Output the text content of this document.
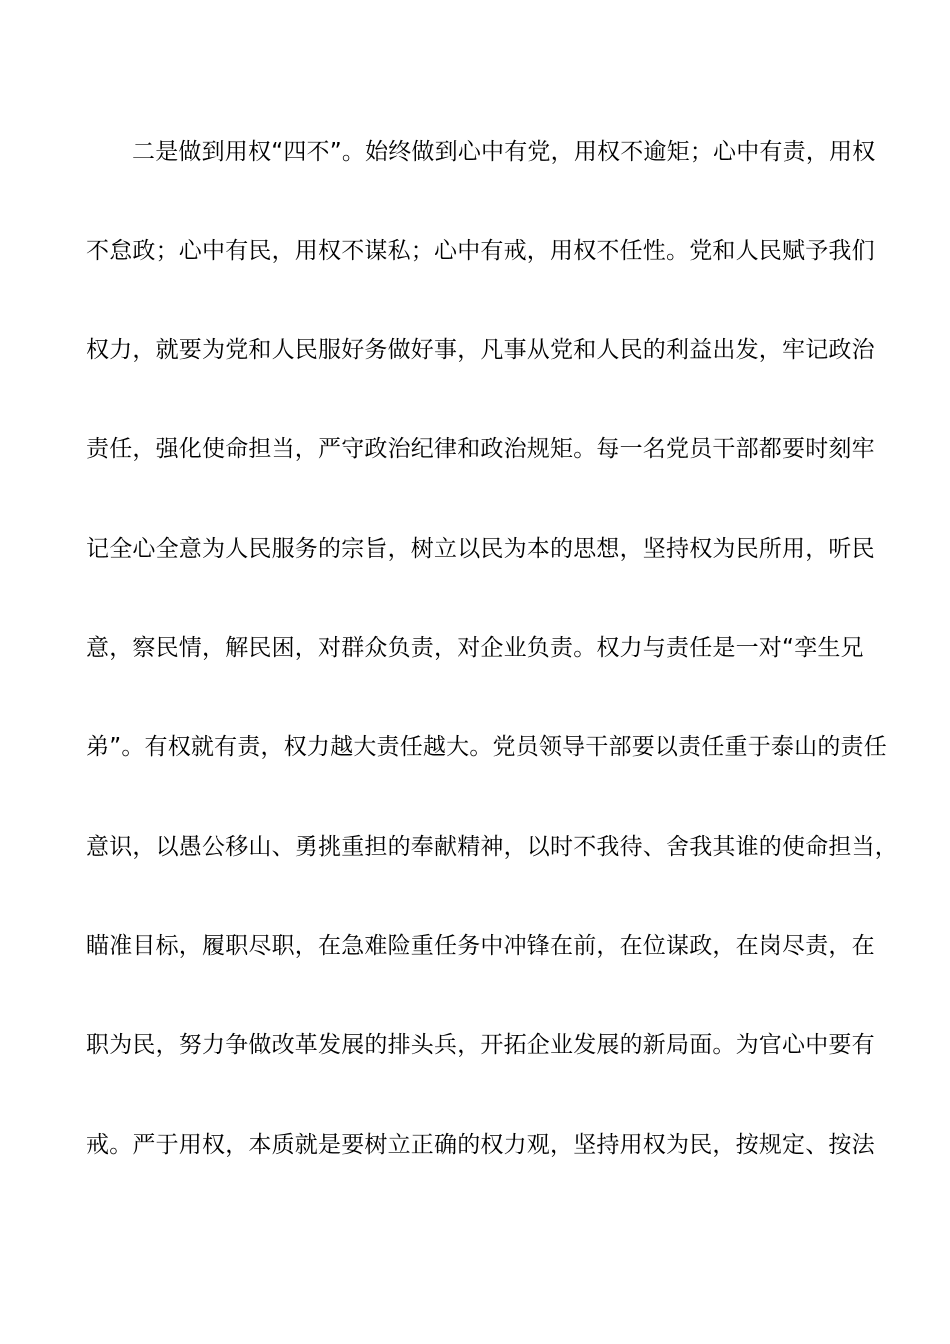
二是做到用权“四不”。始终做到心中有党，用权不逾矩；心中有责，用权
不怠政；心中有民，用权不谋私；心中有戒，用权不任性。党和人民赋予我们
权力，就要为党和人民服好务做好事，凡事从党和人民的利益出发，牢记政治
责任，强化使命担当，严守政治纪律和政治规矩。每一名党员干部都要时刻牢
记全心全意为人民服务的宗旨，树立以民为本的思想，坚持权为民所用，听民
意，察民情，解民困，对群众负责，对企业负责。权力与责任是一对“孪生兄
弟”。有权就有责，权力越大责任越大。党员领导干部要以责任重于泰山的责任
意识，以愚公移山、勇挑重担的奉献精神，以时不我待、舍我其谁的使命担当，
瞄准目标，履职尽职，在急难险重任务中冲锋在前，在位谋政，在岗尽责，在
职为民，努力争做改革发展的排头兵，开拓企业发展的新局面。为官心中要有
戒。严于用权，本质就是要树立正确的权力观，坚持用权为民，按规定、按法
